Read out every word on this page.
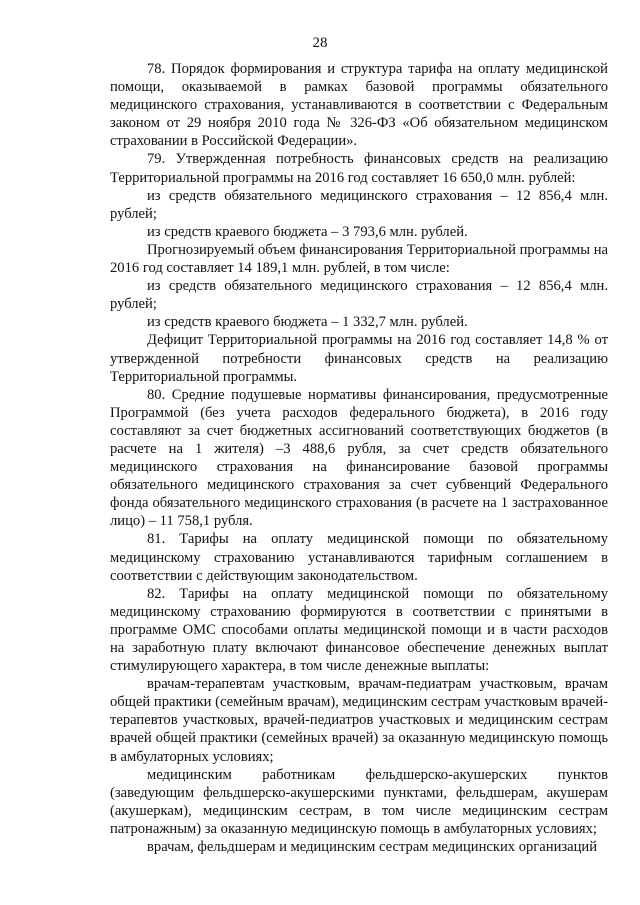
28

78. Порядок формирования и структура тарифа на оплату медицинской помощи, оказываемой в рамках базовой программы обязательного медицинского страхования, устанавливаются в соответствии с Федеральным законом от 29 ноября 2010 года № 326-ФЗ «Об обязательном медицинском страховании в Российской Федерации».

79. Утвержденная потребность финансовых средств на реализацию Территориальной программы на 2016 год составляет 16 650,0 млн. рублей:

из средств обязательного медицинского страхования – 12 856,4 млн. рублей;

из средств краевого бюджета – 3 793,6 млн. рублей.

Прогнозируемый объем финансирования Территориальной программы на 2016 год составляет 14 189,1 млн. рублей, в том числе:

из средств обязательного медицинского страхования – 12 856,4 млн. рублей;

из средств краевого бюджета – 1 332,7 млн. рублей.

Дефицит Территориальной программы на 2016 год составляет 14,8 % от утвержденной потребности финансовых средств на реализацию Территориальной программы.

80. Средние подушевые нормативы финансирования, предусмотренные Программой (без учета расходов федерального бюджета), в 2016 году составляют за счет бюджетных ассигнований соответствующих бюджетов (в расчете на 1 жителя) –3 488,6 рубля, за счет средств обязательного медицинского страхования на финансирование базовой программы обязательного медицинского страхования за счет субвенций Федерального фонда обязательного медицинского страхования (в расчете на 1 застрахованное лицо) – 11 758,1 рубля.

81. Тарифы на оплату медицинской помощи по обязательному медицинскому страхованию устанавливаются тарифным соглашением в соответствии с действующим законодательством.

82. Тарифы на оплату медицинской помощи по обязательному медицинскому страхованию формируются в соответствии с принятыми в программе ОМС способами оплаты медицинской помощи и в части расходов на заработную плату включают финансовое обеспечение денежных выплат стимулирующего характера, в том числе денежные выплаты:

врачам-терапевтам участковым, врачам-педиатрам участковым, врачам общей практики (семейным врачам), медицинским сестрам участковым врачей-терапевтов участковых, врачей-педиатров участковых и медицинским сестрам врачей общей практики (семейных врачей) за оказанную медицинскую помощь в амбулаторных условиях;

медицинским работникам фельдшерско-акушерских пунктов (заведующим фельдшерско-акушерскими пунктами, фельдшерам, акушерам (акушеркам), медицинским сестрам, в том числе медицинским сестрам патронажным) за оказанную медицинскую помощь в амбулаторных условиях;

врачам, фельдшерам и медицинским сестрам медицинских организаций
